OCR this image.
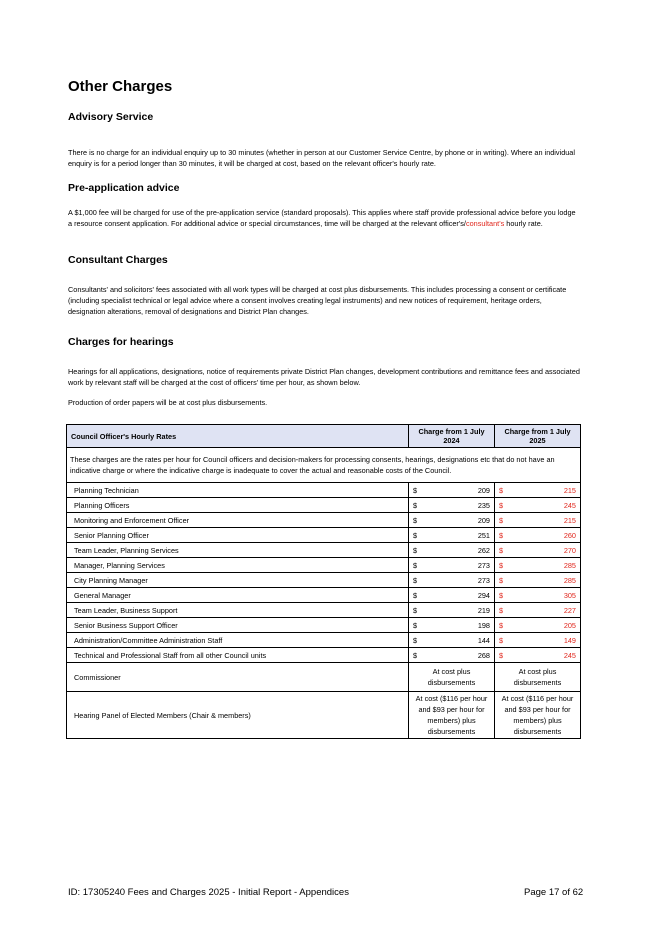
Other Charges
Advisory Service
There is no charge for an individual enquiry up to 30 minutes (whether in person at our Customer Service Centre, by phone or in writing). Where an individual enquiry is for a period longer than 30 minutes, it will be charged at cost, based on the relevant officer's hourly rate.
Pre-application advice
A $1,000 fee will be charged for use of the pre-application service (standard proposals). This applies where staff provide professional advice before you lodge a resource consent application. For additional advice or special circumstances, time will be charged at the relevant officer's/consultant's hourly rate.
Consultant Charges
Consultants' and solicitors' fees associated with all work types will be charged at cost plus disbursements. This includes processing a consent or certificate (including specialist technical or legal advice where a consent involves creating legal instruments) and new notices of requirement, heritage orders, designation alterations, removal of designations and District Plan changes.
Charges for hearings
Hearings for all applications, designations, notice of requirements private District Plan changes, development contributions and remittance fees and associated work by relevant staff will be charged at the cost of officers' time per hour, as shown below.
Production of order papers will be at cost plus disbursements.
Council Officer's Hourly Rates	Charge from 1 July 2024	Charge from 1 July 2025
These charges are the rates per hour for Council officers and decision-makers for processing consents, hearings, designations etc that do not have an indicative charge or where the indicative charge is inadequate to cover the actual and reasonable costs of the Council.		
Planning Technician	$ 209	$ 215

Planning Officers	$ 235	$ 245

Monitoring and Enforcement Officer	$ 209	$ 215

Senior Planning Officer	$ 251	$ 260

Team Leader, Planning Services	$ 262	$ 270

Manager, Planning Services	$ 273	$ 285

City Planning Manager	$ 273	$ 285

General Manager	$ 294	$ 305

Team Leader, Business Support	$ 219	$ 227

Senior Business Support Officer	$ 198	$ 205

Administration/Committee Administration Staff	$ 144	$ 149

Technical and Professional Staff from all other Council units	$ 268	$ 245

Commissioner	At cost plus disbursements	At cost plus disbursements
Hearing Panel of Elected Members (Chair & members)	At cost ($116 per hour and $93 per hour for members) plus disbursements	At cost ($116 per hour and $93 per hour for members) plus disbursements
ID: 17305240 Fees and Charges 2025 - Initial Report - Appendices	Page 17 of 62
